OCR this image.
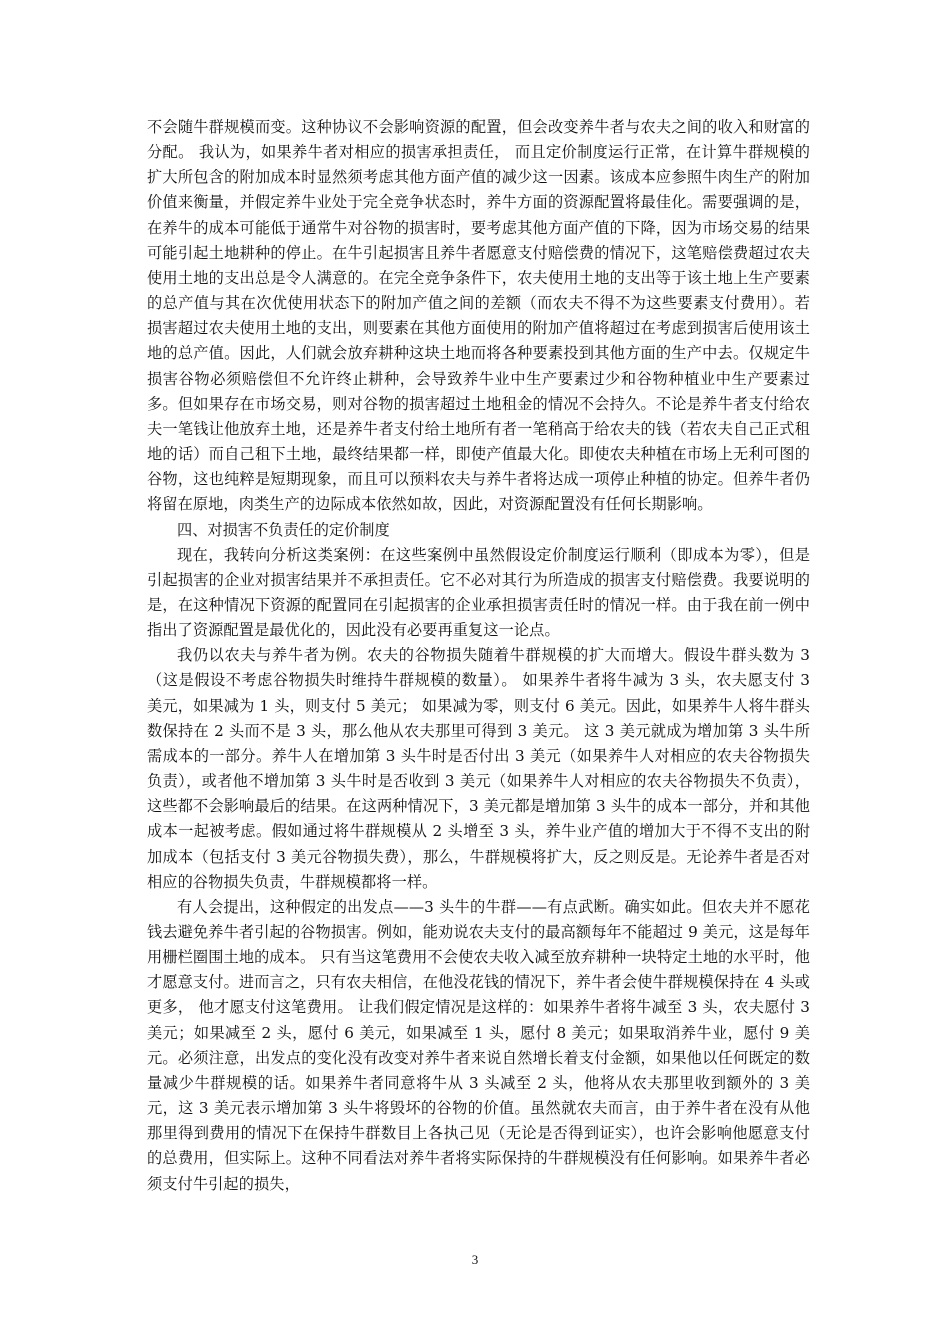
不会随牛群规模而变。这种协议不会影响资源的配置，但会改变养牛者与农夫之间的收入和财富的分配。 我认为，如果养牛者对相应的损害承担责任， 而且定价制度运行正常，在计算牛群规模的扩大所包含的附加成本时显然须考虑其他方面产值的减少这一因素。该成本应参照牛肉生产的附加价值来衡量，并假定养牛业处于完全竞争状态时，养牛方面的资源配置将最佳化。需要强调的是，在养牛的成本可能低于通常牛对谷物的损害时，要考虑其他方面产值的下降，因为市场交易的结果可能引起土地耕种的停止。在牛引起损害且养牛者愿意支付赔偿费的情况下，这笔赔偿费超过农夫使用土地的支出总是令人满意的。在完全竞争条件下，农夫使用土地的支出等于该土地上生产要素的总产值与其在次优使用状态下的附加产值之间的差额（而农夫不得不为这些要素支付费用）。若损害超过农夫使用土地的支出，则要素在其他方面使用的附加产值将超过在考虑到损害后使用该土地的总产值。因此，人们就会放弃耕种这块土地而将各种要素投到其他方面的生产中去。仅规定牛损害谷物必须赔偿但不允许终止耕种，会导致养牛业中生产要素过少和谷物种植业中生产要素过多。但如果存在市场交易，则对谷物的损害超过土地租金的情况不会持久。不论是养牛者支付给农夫一笔钱让他放弃土地，还是养牛者支付给土地所有者一笔稍高于给农夫的钱（若农夫自己正式租地的话）而自己租下土地，最终结果都一样，即使产值最大化。即使农夫种植在市场上无利可图的谷物，这也纯粹是短期现象，而且可以预料农夫与养牛者将达成一项停止种植的协定。但养牛者仍将留在原地，肉类生产的边际成本依然如故，因此，对资源配置没有任何长期影响。

四、对损害不负责任的定价制度

现在，我转向分析这类案例：在这些案例中虽然假设定价制度运行顺利（即成本为零），但是引起损害的企业对损害结果并不承担责任。它不必对其行为所造成的损害支付赔偿费。我要说明的是，在这种情况下资源的配置同在引起损害的企业承担损害责任时的情况一样。由于我在前一例中指出了资源配置是最优化的，因此没有必要再重复这一论点。

我仍以农夫与养牛者为例。农夫的谷物损失随着牛群规模的扩大而增大。假设牛群头数为 3（这是假设不考虑谷物损失时维持牛群规模的数量）。 如果养牛者将牛减为 3 头，农夫愿支付 3 美元，如果减为 1 头，则支付 5 美元； 如果减为零，则支付 6 美元。因此，如果养牛人将牛群头数保持在 2 头而不是 3 头，那么他从农夫那里可得到 3 美元。 这 3 美元就成为增加第 3 头牛所需成本的一部分。养牛人在增加第 3 头牛时是否付出 3 美元（如果养牛人对相应的农夫谷物损失负责），或者他不增加第 3 头牛时是否收到 3 美元（如果养牛人对相应的农夫谷物损失不负责），这些都不会影响最后的结果。在这两种情况下，3 美元都是增加第 3 头牛的成本一部分，并和其他成本一起被考虑。假如通过将牛群规模从 2 头增至 3 头，养牛业产值的增加大于不得不支出的附加成本（包括支付 3 美元谷物损失费），那么，牛群规模将扩大，反之则反是。无论养牛者是否对相应的谷物损失负责，牛群规模都将一样。

有人会提出，这种假定的出发点——3 头牛的牛群——有点武断。确实如此。但农夫并不愿花钱去避免养牛者引起的谷物损害。例如，能劝说农夫支付的最高额每年不能超过 9 美元，这是每年用栅栏圈围土地的成本。 只有当这笔费用不会使农夫收入减至放弃耕种一块特定土地的水平时，他才愿意支付。进而言之，只有农夫相信，在他没花钱的情况下，养牛者会使牛群规模保持在 4 头或更多， 他才愿支付这笔费用。 让我们假定情况是这样的：如果养牛者将牛减至 3 头，农夫愿付 3 美元；如果减至 2 头，愿付 6 美元，如果减至 1 头，愿付 8 美元；如果取消养牛业，愿付 9 美元。必须注意，出发点的变化没有改变对养牛者来说自然增长着支付金额，如果他以任何既定的数量减少牛群规模的话。如果养牛者同意将牛从 3 头减至 2 头，他将从农夫那里收到额外的 3 美元，这 3 美元表示增加第 3 头牛将毁坏的谷物的价值。虽然就农夫而言，由于养牛者在没有从他那里得到费用的情况下在保持牛群数目上各执己见（无论是否得到证实），也许会影响他愿意支付的总费用，但实际上。这种不同看法对养牛者将实际保持的牛群规模没有任何影响。如果养牛者必须支付牛引起的损失，

3
